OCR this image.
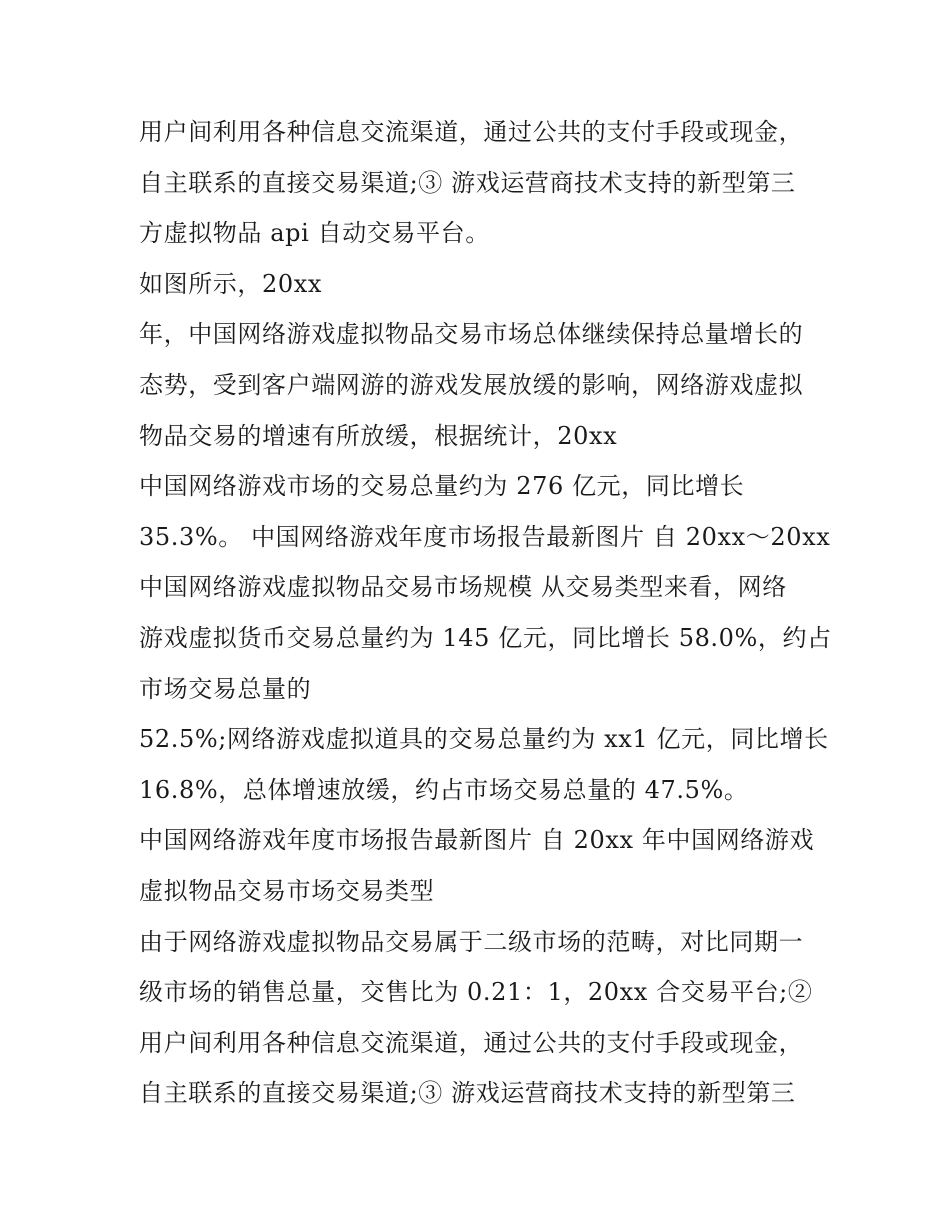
用户间利用各种信息交流渠道，通过公共的支付手段或现金，
自主联系的直接交易渠道;③ 游戏运营商技术支持的新型第三
方虚拟物品 api 自动交易平台。
如图所示，20xx
年，中国网络游戏虚拟物品交易市场总体继续保持总量增长的
态势，受到客户端网游的游戏发展放缓的影响，网络游戏虚拟
物品交易的增速有所放缓，根据统计，20xx
中国网络游戏市场的交易总量约为 276 亿元，同比增长
35.3%。 中国网络游戏年度市场报告最新图片 自 20xx～20xx
中国网络游戏虚拟物品交易市场规模 从交易类型来看，网络
游戏虚拟货币交易总量约为 145 亿元，同比增长 58.0%，约占
市场交易总量的
52.5%;网络游戏虚拟道具的交易总量约为 xx1 亿元，同比增长
16.8%，总体增速放缓，约占市场交易总量的 47.5%。
中国网络游戏年度市场报告最新图片 自 20xx 年中国网络游戏
虚拟物品交易市场交易类型
由于网络游戏虚拟物品交易属于二级市场的范畴，对比同期一
级市场的销售总量，交售比为 0.21：1，20xx 合交易平台;②
用户间利用各种信息交流渠道，通过公共的支付手段或现金，
自主联系的直接交易渠道;③ 游戏运营商技术支持的新型第三
